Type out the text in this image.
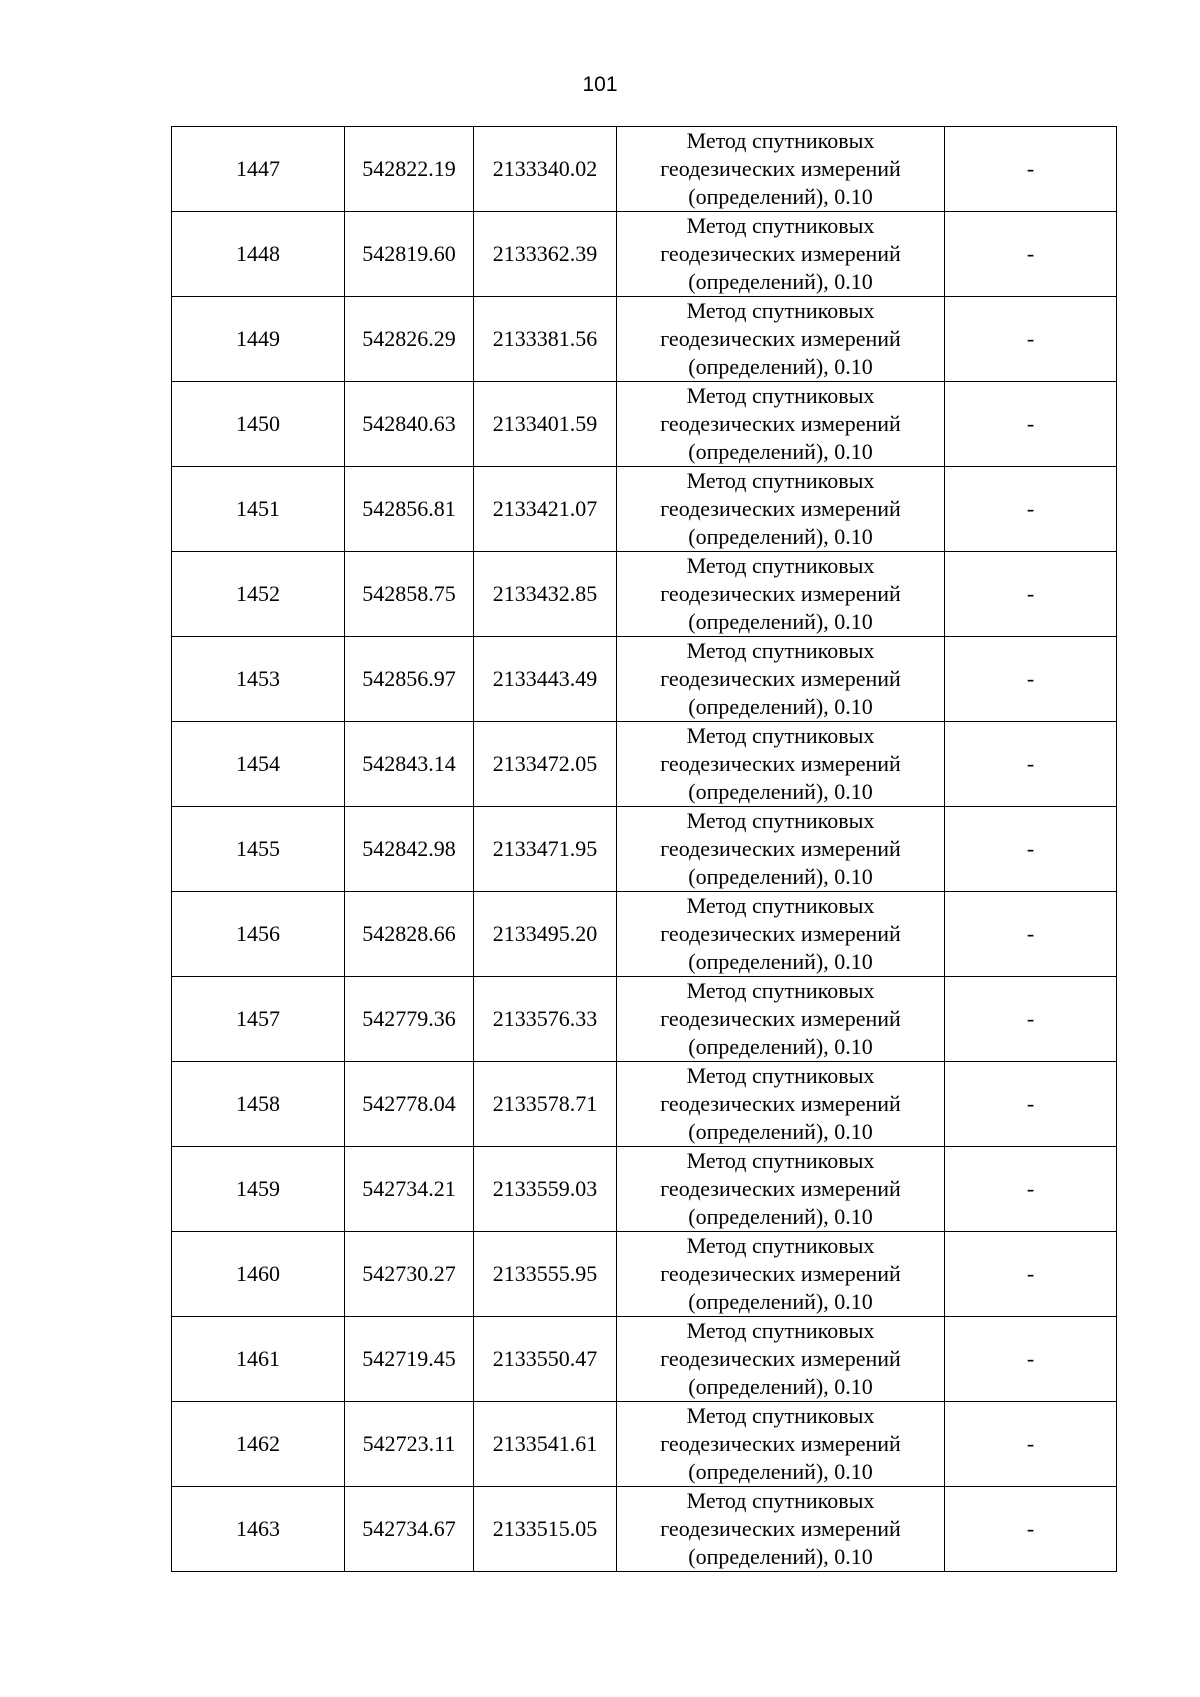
101
1447	542822.19	2133340.02	Метод спутниковых
геодезических измерений
(определений), 0.10	-
1448	542819.60	2133362.39	Метод спутниковых
геодезических измерений
(определений), 0.10	-
1449	542826.29	2133381.56	Метод спутниковых
геодезических измерений
(определений), 0.10	-
1450	542840.63	2133401.59	Метод спутниковых
геодезических измерений
(определений), 0.10	-
1451	542856.81	2133421.07	Метод спутниковых
геодезических измерений
(определений), 0.10	-
1452	542858.75	2133432.85	Метод спутниковых
геодезических измерений
(определений), 0.10	-
1453	542856.97	2133443.49	Метод спутниковых
геодезических измерений
(определений), 0.10	-
1454	542843.14	2133472.05	Метод спутниковых
геодезических измерений
(определений), 0.10	-
1455	542842.98	2133471.95	Метод спутниковых
геодезических измерений
(определений), 0.10	-
1456	542828.66	2133495.20	Метод спутниковых
геодезических измерений
(определений), 0.10	-
1457	542779.36	2133576.33	Метод спутниковых
геодезических измерений
(определений), 0.10	-
1458	542778.04	2133578.71	Метод спутниковых
геодезических измерений
(определений), 0.10	-
1459	542734.21	2133559.03	Метод спутниковых
геодезических измерений
(определений), 0.10	-
1460	542730.27	2133555.95	Метод спутниковых
геодезических измерений
(определений), 0.10	-
1461	542719.45	2133550.47	Метод спутниковых
геодезических измерений
(определений), 0.10	-
1462	542723.11	2133541.61	Метод спутниковых
геодезических измерений
(определений), 0.10	-
1463	542734.67	2133515.05	Метод спутниковых
геодезических измерений
(определений), 0.10	-
